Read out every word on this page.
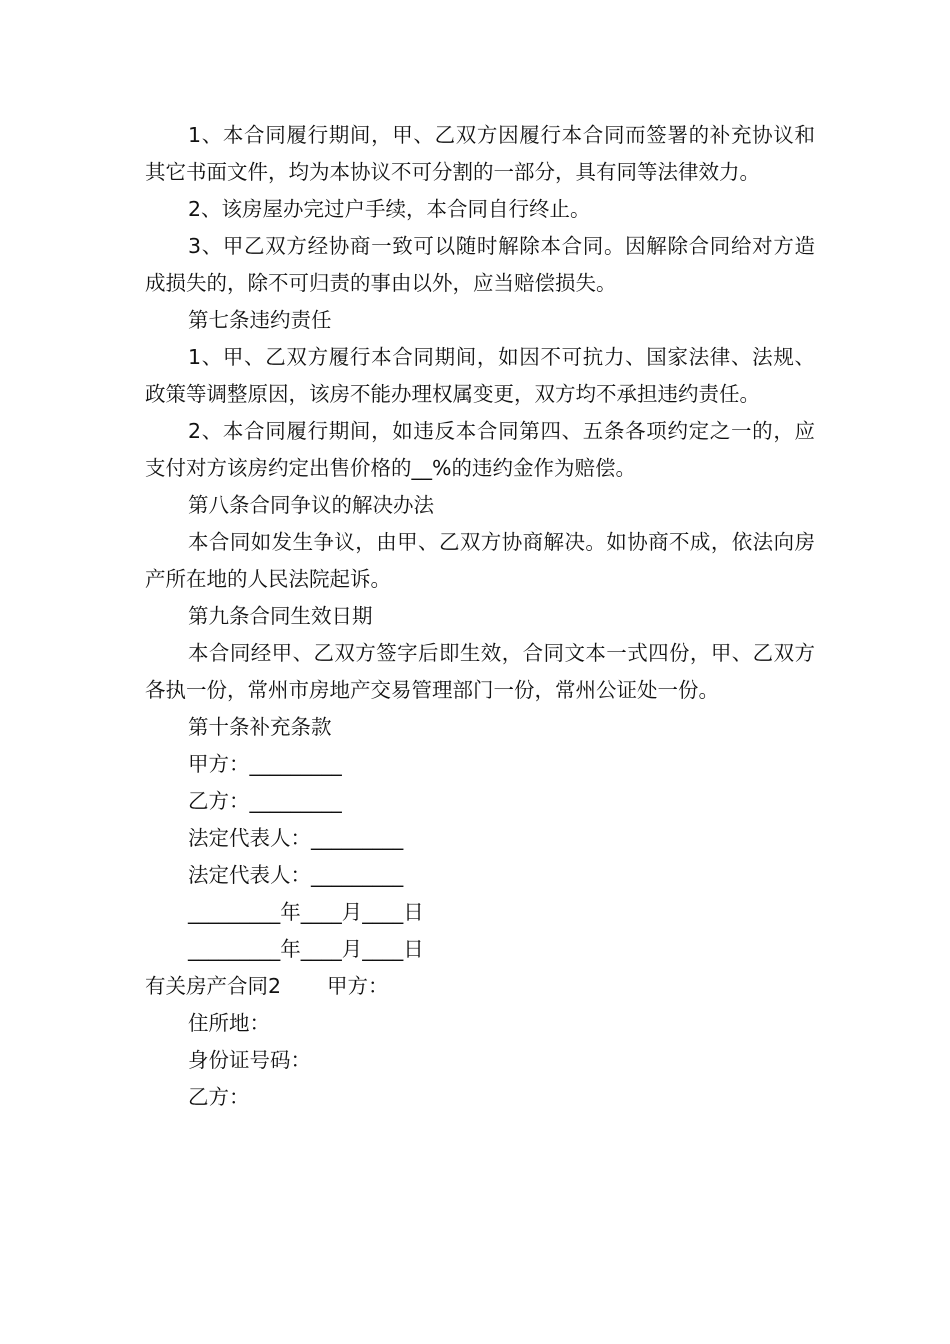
1、本合同履行期间，甲、乙双方因履行本合同而签署的补充协议和其它书面文件，均为本协议不可分割的一部分，具有同等法律效力。

2、该房屋办完过户手续，本合同自行终止。

3、甲乙双方经协商一致可以随时解除本合同。因解除合同给对方造成损失的，除不可归责的事由以外，应当赔偿损失。

第七条违约责任

1、甲、乙双方履行本合同期间，如因不可抗力、国家法律、法规、政策等调整原因，该房不能办理权属变更，双方均不承担违约责任。

2、本合同履行期间，如违反本合同第四、五条各项约定之一的，应支付对方该房约定出售价格的__%的违约金作为赔偿。

第八条合同争议的解决办法

本合同如发生争议，由甲、乙双方协商解决。如协商不成，依法向房产所在地的人民法院起诉。

第九条合同生效日期

本合同经甲、乙双方签字后即生效，合同文本一式四份，甲、乙双方各执一份，常州市房地产交易管理部门一份，常州公证处一份。

第十条补充条款

甲方：_________

乙方：_________

法定代表人：_________

法定代表人：_________

_________年____月____日

_________年____月____日

有关房产合同2 甲方：

住所地：

身份证号码：

乙方：
